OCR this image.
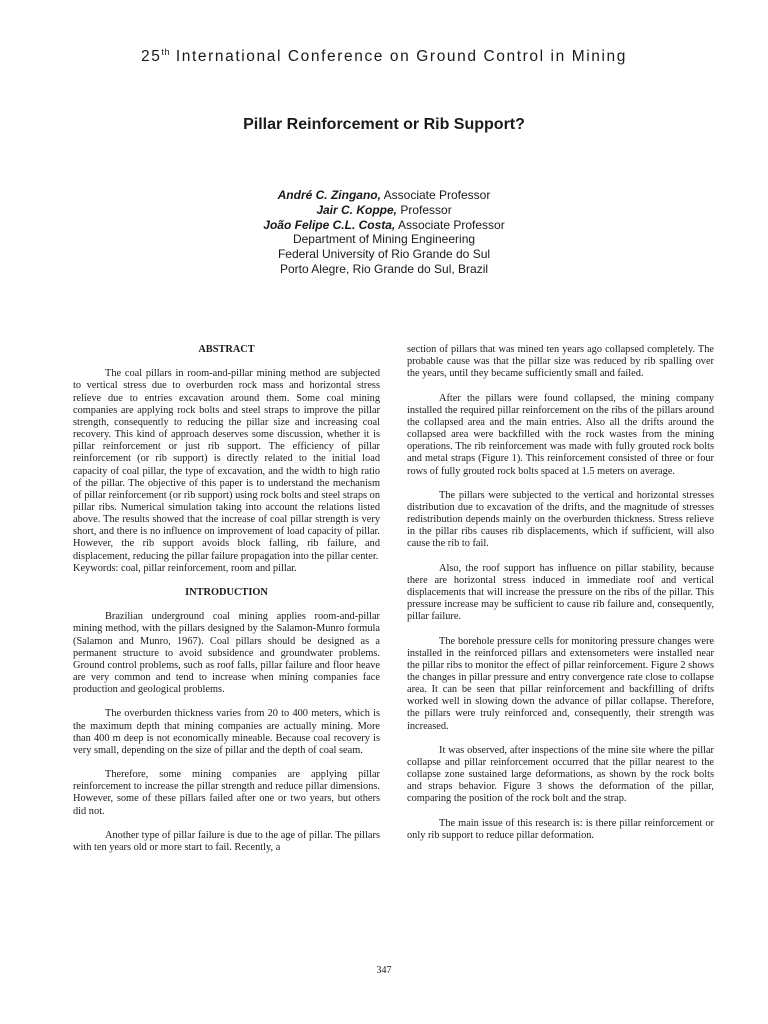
25th International Conference on Ground Control in Mining
Pillar Reinforcement or Rib Support?
André C. Zingano, Associate Professor
Jair C. Koppe, Professor
João Felipe C.L. Costa, Associate Professor
Department of Mining Engineering
Federal University of Rio Grande do Sul
Porto Alegre, Rio Grande do Sul, Brazil
ABSTRACT

The coal pillars in room-and-pillar mining method are subjected to vertical stress due to overburden rock mass and horizontal stress relieve due to entries excavation around them. Some coal mining companies are applying rock bolts and steel straps to improve the pillar strength, consequently to reducing the pillar size and increasing coal recovery. This kind of approach deserves some discussion, whether it is pillar reinforcement or just rib support. The efficiency of pillar reinforcement (or rib support) is directly related to the initial load capacity of coal pillar, the type of excavation, and the width to high ratio of the pillar. The objective of this paper is to understand the mechanism of pillar reinforcement (or rib support) using rock bolts and steel straps on pillar ribs. Numerical simulation taking into account the relations listed above. The results showed that the increase of coal pillar strength is very short, and there is no influence on improvement of load capacity of pillar. However, the rib support avoids block falling, rib failure, and displacement, reducing the pillar failure propagation into the pillar center.

Keywords: coal, pillar reinforcement, room and pillar.

INTRODUCTION

Brazilian underground coal mining applies room-and-pillar mining method, with the pillars designed by the Salamon-Munro formula (Salamon and Munro, 1967). Coal pillars should be designed as a permanent structure to avoid subsidence and groundwater problems. Ground control problems, such as roof falls, pillar failure and floor heave are very common and tend to increase when mining companies face production and geological problems.

The overburden thickness varies from 20 to 400 meters, which is the maximum depth that mining companies are actually mining. More than 400 m deep is not economically mineable. Because coal recovery is very small, depending on the size of pillar and the depth of coal seam.

Therefore, some mining companies are applying pillar reinforcement to increase the pillar strength and reduce pillar dimensions. However, some of these pillars failed after one or two years, but others did not.

Another type of pillar failure is due to the age of pillar. The pillars with ten years old or more start to fail. Recently, a

section of pillars that was mined ten years ago collapsed completely. The probable cause was that the pillar size was reduced by rib spalling over the years, until they became sufficiently small and failed.

After the pillars were found collapsed, the mining company installed the required pillar reinforcement on the ribs of the pillars around the collapsed area and the main entries. Also all the drifts around the collapsed area were backfilled with the rock wastes from the mining operations. The rib reinforcement was made with fully grouted rock bolts and metal straps (Figure 1). This reinforcement consisted of three or four rows of fully grouted rock bolts spaced at 1.5 meters on average.

The pillars were subjected to the vertical and horizontal stresses distribution due to excavation of the drifts, and the magnitude of stresses redistribution depends mainly on the overburden thickness. Stress relieve in the pillar ribs causes rib displacements, which if sufficient, will also cause the rib to fail.

Also, the roof support has influence on pillar stability, because there are horizontal stress induced in immediate roof and vertical displacements that will increase the pressure on the ribs of the pillar. This pressure increase may be sufficient to cause rib failure and, consequently, pillar failure.

The borehole pressure cells for monitoring pressure changes were installed in the reinforced pillars and extensometers were installed near the pillar ribs to monitor the effect of pillar reinforcement. Figure 2 shows the changes in pillar pressure and entry convergence rate close to collapse area. It can be seen that pillar reinforcement and backfilling of drifts worked well in slowing down the advance of pillar collapse. Therefore, the pillars were truly reinforced and, consequently, their strength was increased.

It was observed, after inspections of the mine site where the pillar collapse and pillar reinforcement occurred that the pillar nearest to the collapse zone sustained large deformations, as shown by the rock bolts and straps behavior. Figure 3 shows the deformation of the pillar, comparing the position of the rock bolt and the strap.

The main issue of this research is: is there pillar reinforcement or only rib support to reduce pillar deformation.

347
